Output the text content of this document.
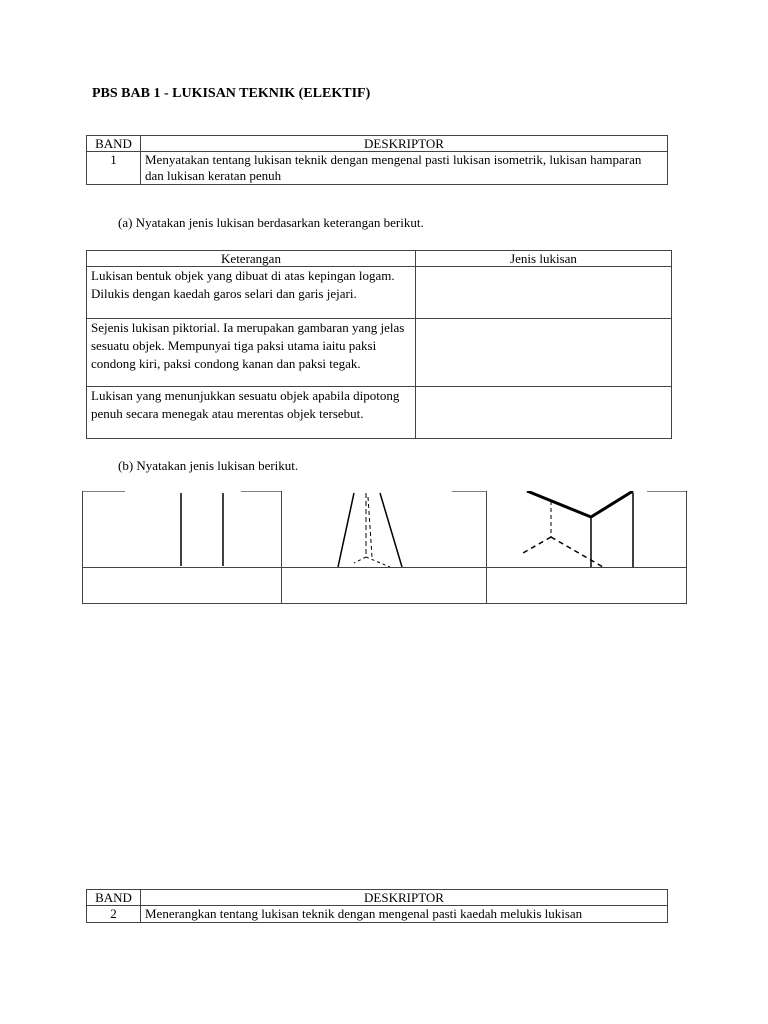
PBS BAB 1 - LUKISAN TEKNIK (ELEKTIF)
BAND	DESKRIPTOR
1	Menyatakan tentang lukisan teknik dengan mengenal pasti lukisan isometrik, lukisan hamparan dan lukisan keratan penuh
(a) Nyatakan jenis lukisan berdasarkan keterangan berikut.
Keterangan	Jenis lukisan
Lukisan bentuk objek yang dibuat di atas kepingan logam. Dilukis dengan kaedah garos selari dan garis jejari.	
Sejenis lukisan piktorial. Ia merupakan gambaran yang jelas sesuatu objek. Mempunyai tiga paksi utama iaitu paksi condong kiri, paksi condong kanan dan paksi tegak.	
Lukisan yang menunjukkan sesuatu objek apabila dipotong penuh secara menegak atau merentas objek tersebut.	
(b) Nyatakan jenis lukisan berikut.

BAND	DESKRIPTOR
2	Menerangkan tentang lukisan teknik dengan mengenal pasti kaedah melukis lukisan
